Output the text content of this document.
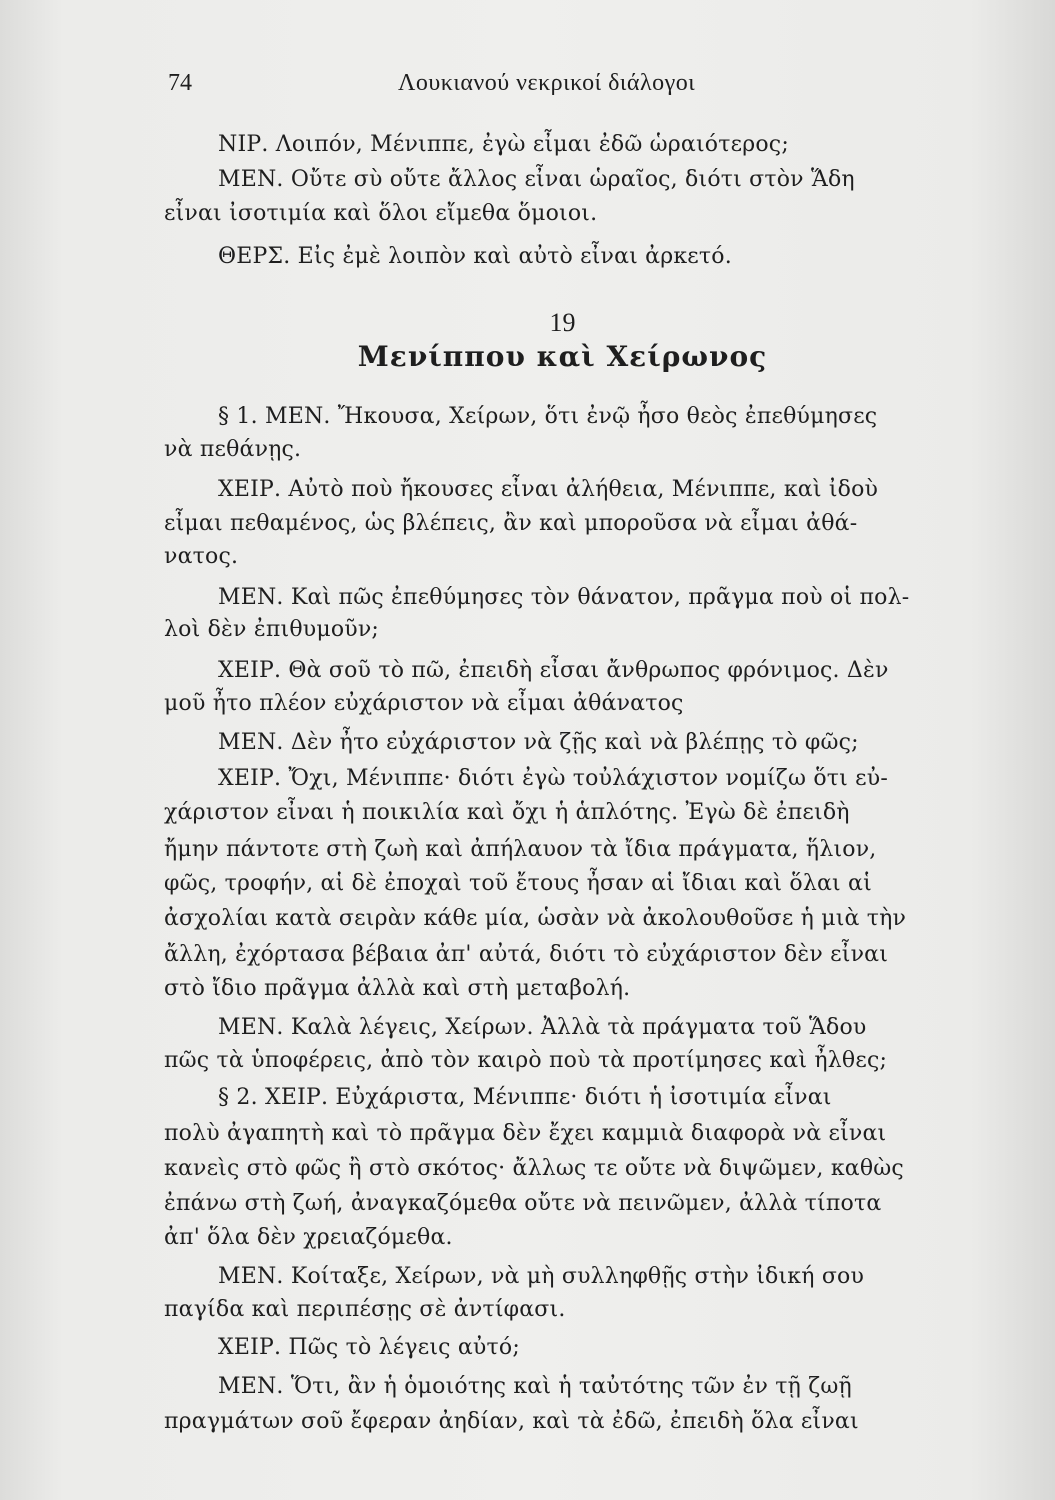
74	Λουκιανού νεκρικοί διάλογοι
ΝΙΡ. Λοιπόν, Μένιππε, ἐγὼ εἶμαι ἐδῶ ὡραιότερος;
ΜΕΝ. Οὔτε σὺ οὔτε ἄλλος εἶναι ὡραῖος, διότι στὸν Ἅδη
εἶναι ἰσοτιμία καὶ ὅλοι εἴμεθα ὅμοιοι.
ΘΕΡΣ. Εἰς ἐμὲ λοιπὸν καὶ αὐτὸ εἶναι ἀρκετό.
19
Μενίππου καὶ Χείρωνος
§ 1. ΜΕΝ. Ἤκουσα, Χείρων, ὅτι ἐνῷ ἦσο θεὸς ἐπεθύμησες
νὰ πεθάνῃς.
ΧΕΙΡ. Αὐτὸ ποὺ ἤκουσες εἶναι ἀλήθεια, Μένιππε, καὶ ἰδοὺ
εἶμαι πεθαμένος, ὡς βλέπεις, ἂν καὶ μποροῦσα νὰ εἶμαι ἀθά-
νατος.
ΜΕΝ. Καὶ πῶς ἐπεθύμησες τὸν θάνατον, πρᾶγμα ποὺ οἱ πολ-
λοὶ δὲν ἐπιθυμοῦν;
ΧΕΙΡ. Θὰ σοῦ τὸ πῶ, ἐπειδὴ εἶσαι ἄνθρωπος φρόνιμος. Δὲν
μοῦ ἦτο πλέον εὐχάριστον νὰ εἶμαι ἀθάνατος
ΜΕΝ. Δὲν ἦτο εὐχάριστον νὰ ζῇς καὶ νὰ βλέπῃς τὸ φῶς;
ΧΕΙΡ. Ὄχι, Μένιππε· διότι ἐγὼ τοὐλάχιστον νομίζω ὅτι εὐ-
χάριστον εἶναι ἡ ποικιλία καὶ ὄχι ἡ ἁπλότης. Ἐγὼ δὲ ἐπειδὴ
ἤμην πάντοτε στὴ ζωὴ καὶ ἀπήλαυον τὰ ἴδια πράγματα, ἥλιον,
φῶς, τροφήν, αἱ δὲ ἐποχαὶ τοῦ ἔτους ἦσαν αἱ ἴδιαι καὶ ὅλαι αἱ
ἀσχολίαι κατὰ σειρὰν κάθε μία, ὡσὰν νὰ ἀκολουθοῦσε ἡ μιὰ τὴν
ἄλλη, ἐχόρτασα βέβαια ἀπ' αὐτά, διότι τὸ εὐχάριστον δὲν εἶναι
στὸ ἴδιο πρᾶγμα ἀλλὰ καὶ στὴ μεταβολή.
ΜΕΝ. Καλὰ λέγεις, Χείρων. Ἀλλὰ τὰ πράγματα τοῦ Ἅδου
πῶς τὰ ὑποφέρεις, ἀπὸ τὸν καιρὸ ποὺ τὰ προτίμησες καὶ ἦλθες;
§ 2. ΧΕΙΡ. Εὐχάριστα, Μένιππε· διότι ἡ ἰσοτιμία εἶναι
πολὺ ἀγαπητὴ καὶ τὸ πρᾶγμα δὲν ἔχει καμμιὰ διαφορὰ νὰ εἶναι
κανεὶς στὸ φῶς ἢ στὸ σκότος· ἄλλως τε οὔτε νὰ διψῶμεν, καθὼς
ἐπάνω στὴ ζωή, ἀναγκαζόμεθα οὔτε νὰ πεινῶμεν, ἀλλὰ τίποτα
ἀπ' ὅλα δὲν χρειαζόμεθα.
ΜΕΝ. Κοίταξε, Χείρων, νὰ μὴ συλληφθῇς στὴν ἰδική σου
παγίδα καὶ περιπέσῃς σὲ ἀντίφασι.
ΧΕΙΡ. Πῶς τὸ λέγεις αὐτό;
ΜΕΝ. Ὅτι, ἂν ἡ ὁμοιότης καὶ ἡ ταὐτότης τῶν ἐν τῇ ζωῇ
πραγμάτων σοῦ ἔφεραν ἀηδίαν, καὶ τὰ ἐδῶ, ἐπειδὴ ὅλα εἶναι
